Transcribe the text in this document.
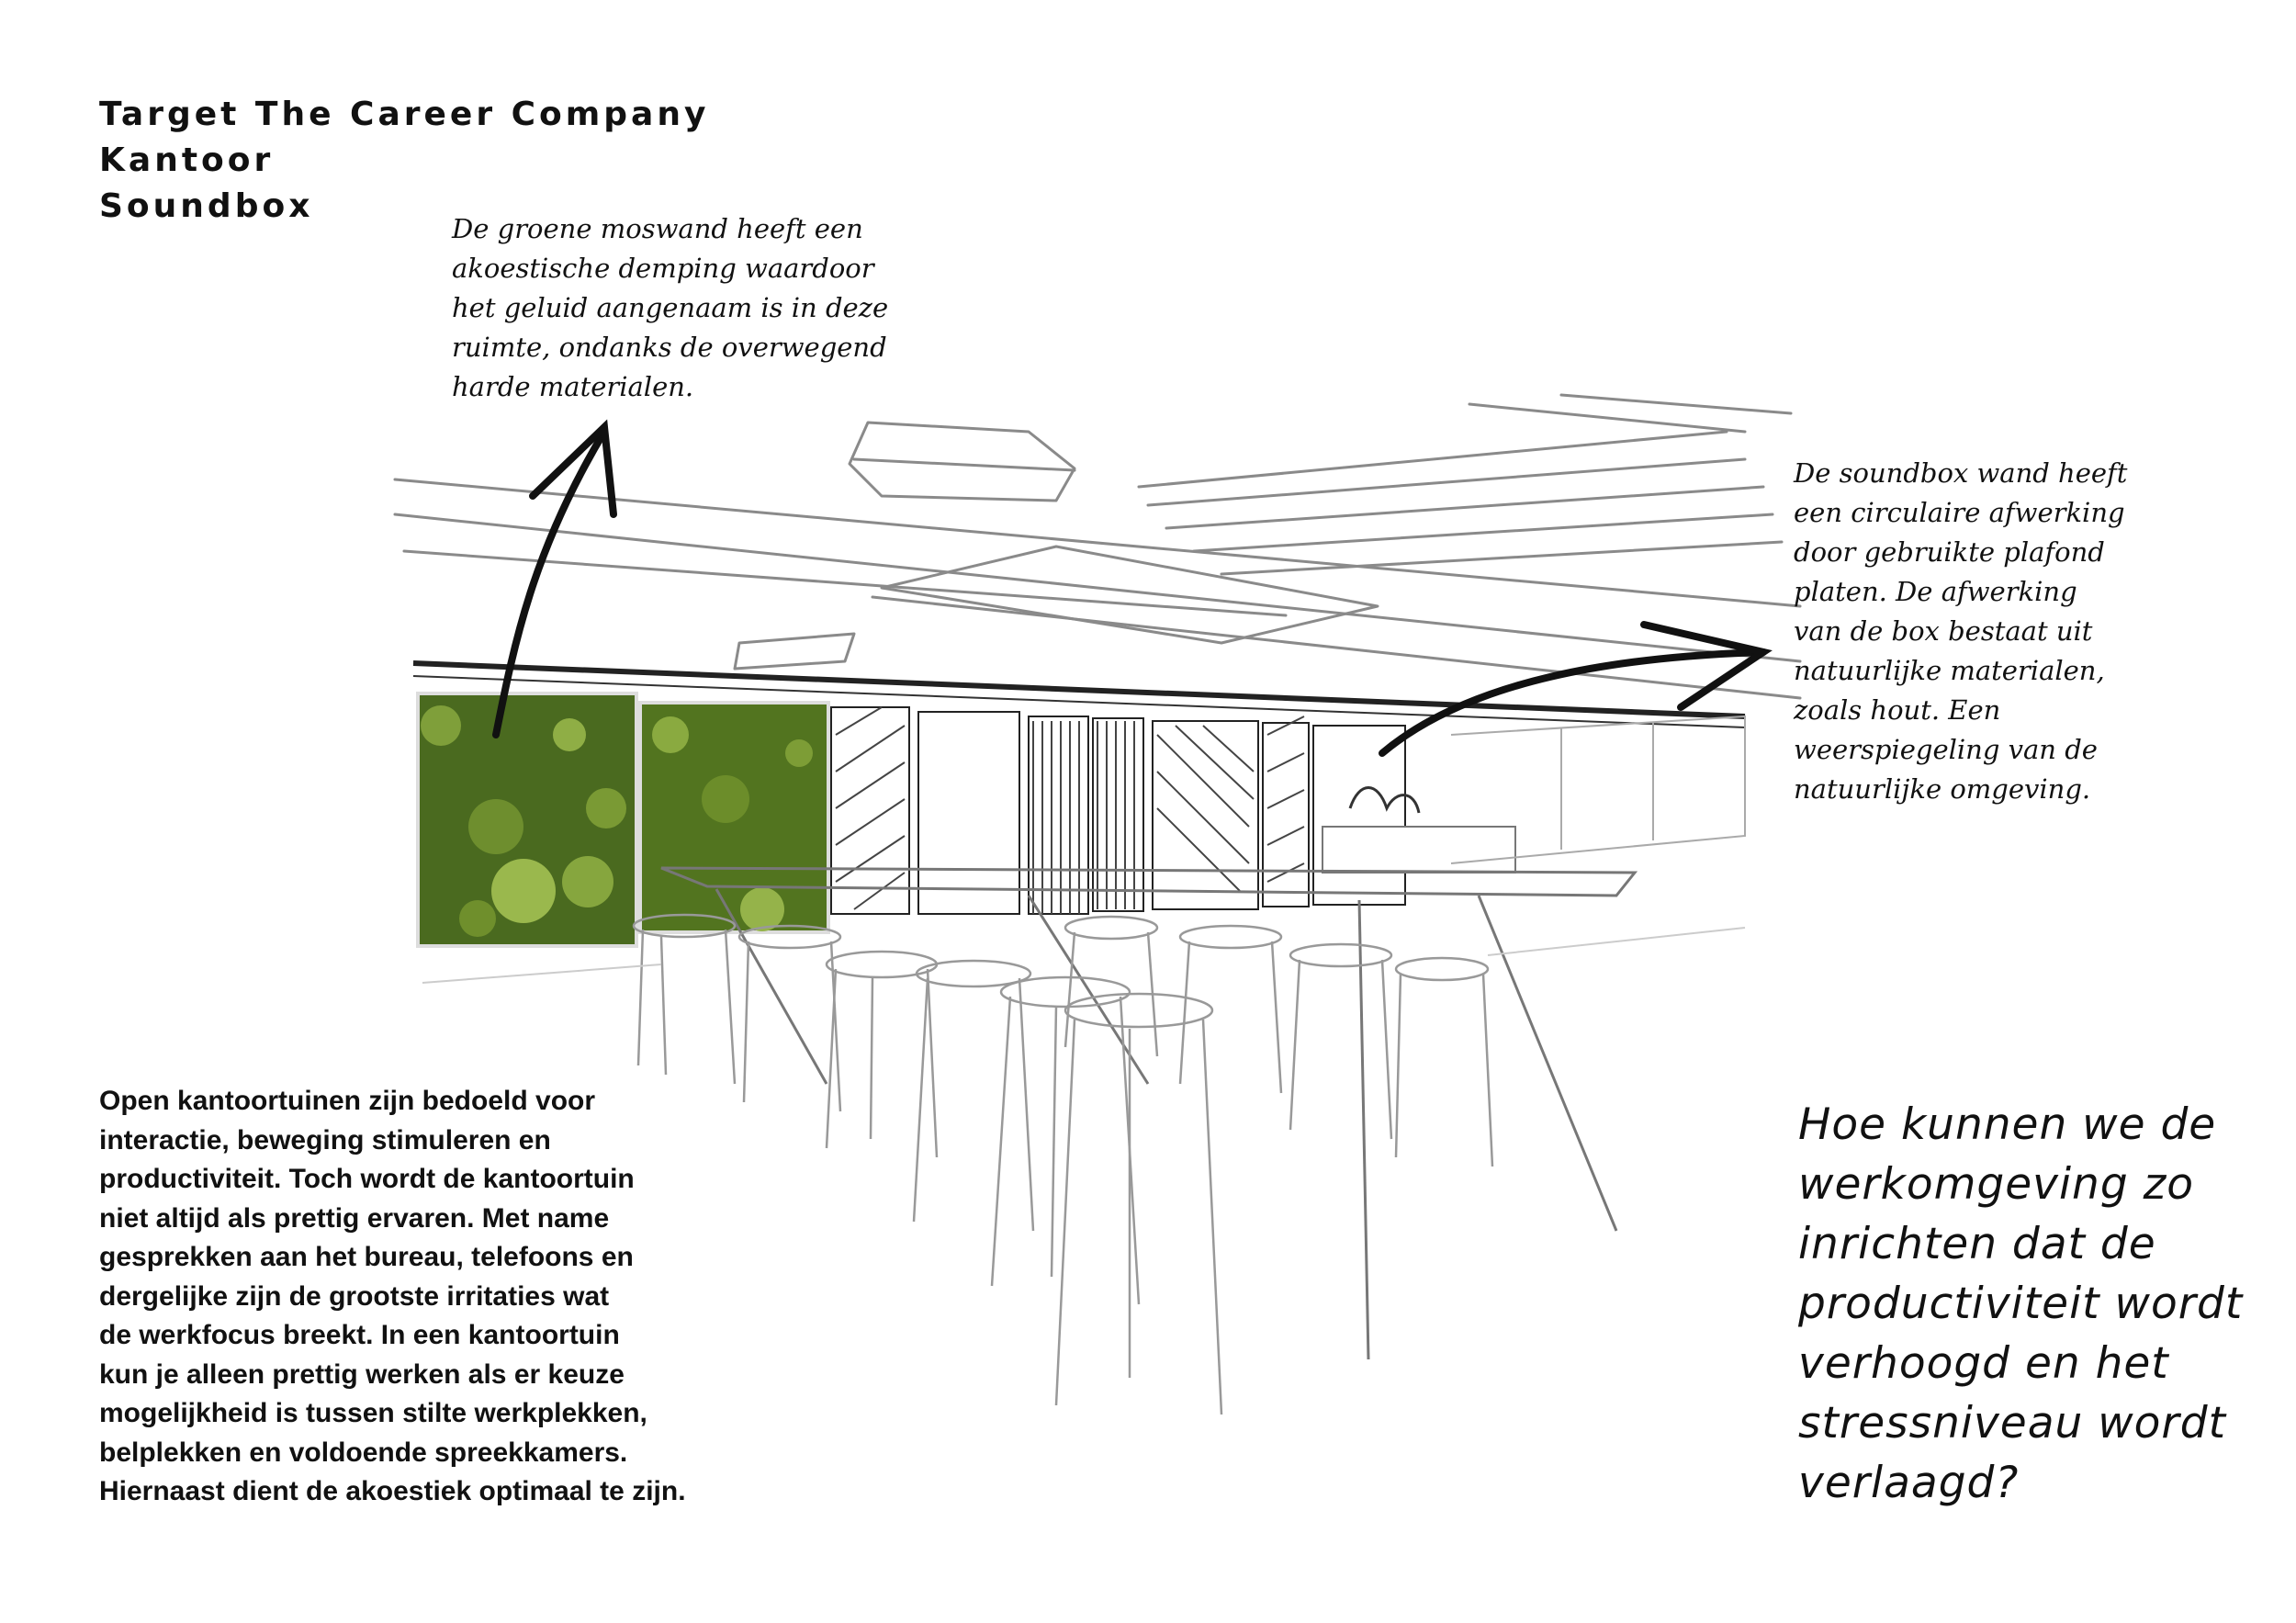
Target The Career Company
Kantoor
Soundbox
De groene moswand heeft een
akoestische demping waardoor
het geluid aangenaam is in deze
ruimte, ondanks de overwegend
harde materialen.
De soundbox wand heeft
een circulaire afwerking
door gebruikte plafond
platen. De afwerking
van de box bestaat uit
natuurlijke materialen,
zoals hout. Een
weerspiegeling van de
natuurlijke omgeving.
Open kantoortuinen zijn bedoeld voor
interactie, beweging stimuleren en
productiviteit. Toch wordt de kantoortuin
niet altijd als prettig ervaren. Met name
gesprekken aan het bureau, telefoons en
dergelijke zijn de grootste irritaties wat
de werkfocus breekt. In een kantoortuin
kun je alleen prettig werken als er keuze
mogelijkheid is tussen stilte werkplekken,
belplekken en voldoende spreekkamers.
Hiernaast dient de akoestiek optimaal te zijn.
Hoe kunnen we de
werkomgeving zo
inrichten dat de
productiviteit wordt
verhoogd en het
stressniveau wordt
verlaagd?
